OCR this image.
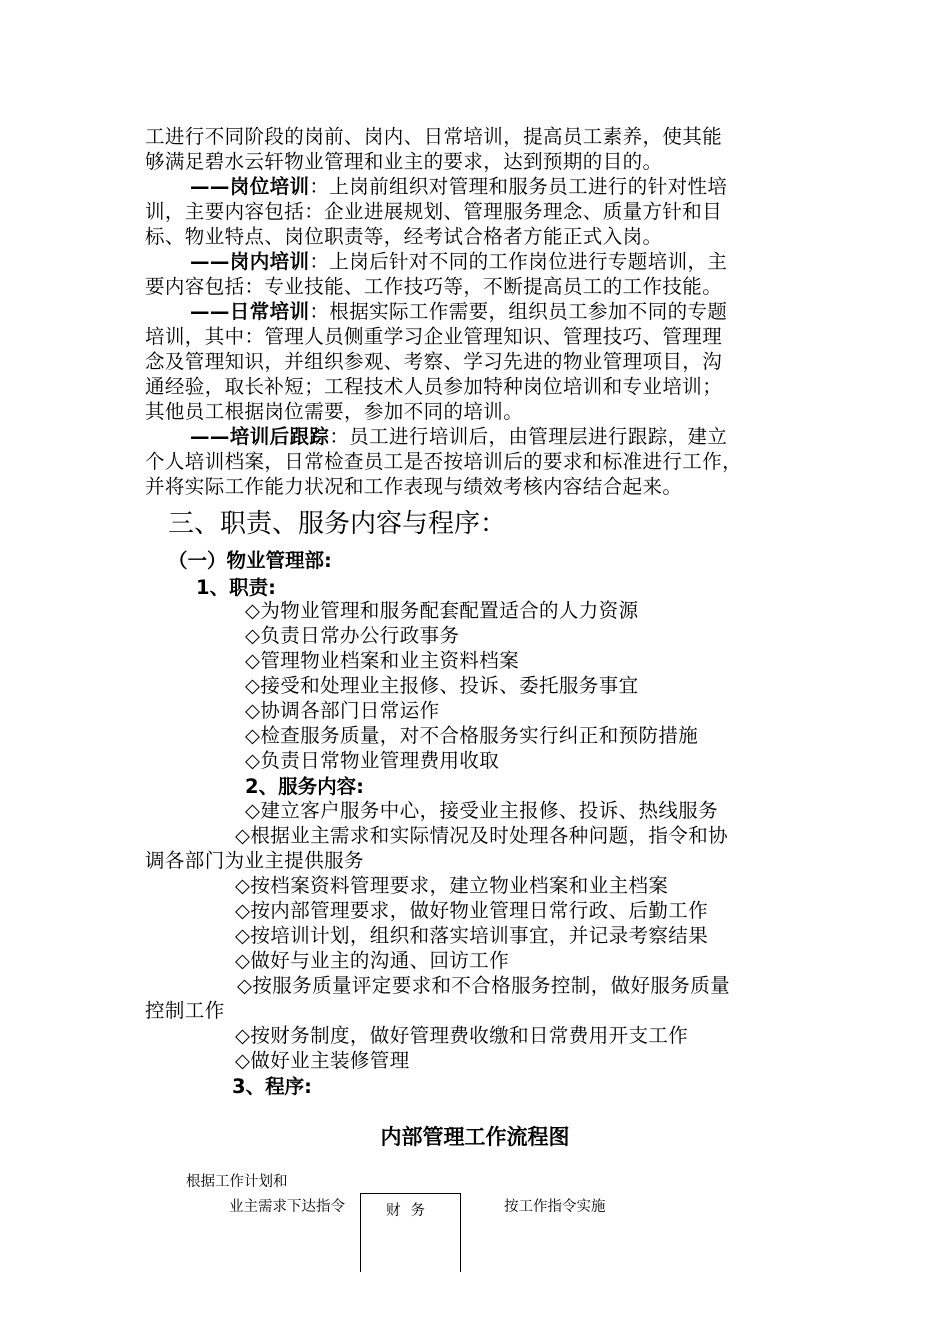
工进行不同阶段的岗前、岗内、日常培训，提高员工素养，使其能
够满足碧水云轩物业管理和业主的要求，达到预期的目的。
——岗位培训：上岗前组织对管理和服务员工进行的针对性培
训，主要内容包括：企业进展规划、管理服务理念、质量方针和目
标、物业特点、岗位职责等，经考试合格者方能正式入岗。
——岗内培训：上岗后针对不同的工作岗位进行专题培训，主
要内容包括：专业技能、工作技巧等，不断提高员工的工作技能。
——日常培训：根据实际工作需要，组织员工参加不同的专题
培训，其中：管理人员侧重学习企业管理知识、管理技巧、管理理
念及管理知识，并组织参观、考察、学习先进的物业管理项目，沟
通经验，取长补短；工程技术人员参加特种岗位培训和专业培训；
其他员工根据岗位需要，参加不同的培训。
——培训后跟踪：员工进行培训后，由管理层进行跟踪，建立
个人培训档案，日常检查员工是否按培训后的要求和标准进行工作，
并将实际工作能力状况和工作表现与绩效考核内容结合起来。
三、职责、服务内容与程序：
（一）物业管理部:
1、职责:
◇为物业管理和服务配套配置适合的人力资源
◇负责日常办公行政事务
◇管理物业档案和业主资料档案
◇接受和处理业主报修、投诉、委托服务事宜
◇协调各部门日常运作
◇检查服务质量，对不合格服务实行纠正和预防措施
◇负责日常物业管理费用收取
2、服务内容:
◇建立客户服务中心，接受业主报修、投诉、热线服务
◇根据业主需求和实际情况及时处理各种问题，指令和协
调各部门为业主提供服务
◇按档案资料管理要求，建立物业档案和业主档案
◇按内部管理要求，做好物业管理日常行政、后勤工作
◇按培训计划，组织和落实培训事宜，并记录考察结果
◇做好与业主的沟通、回访工作
◇按服务质量评定要求和不合格服务控制，做好服务质量
控制工作
◇按财务制度，做好管理费收缴和日常费用开支工作
◇做好业主装修管理
3、程序:
内部管理工作流程图
根据工作计划和
业主需求下达指令	财务	按工作指令实施
